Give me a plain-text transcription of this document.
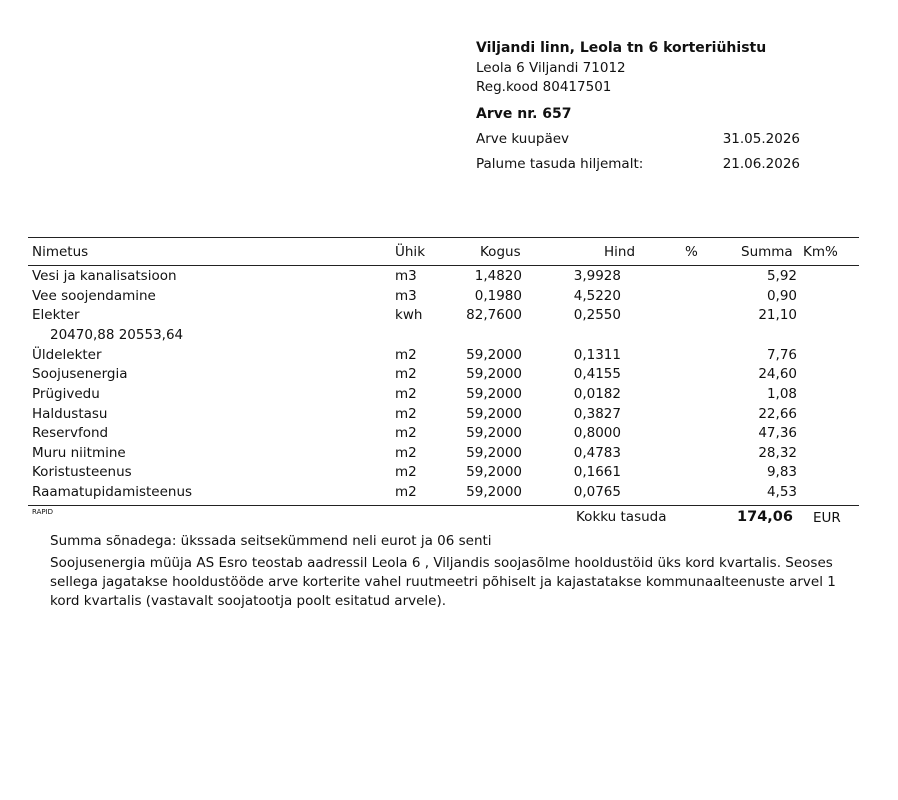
Viljandi linn, Leola tn 6 korteriühistu
Leola 6 Viljandi 71012
Reg.kood 80417501
Arve nr. 657
Arve kuupäev	31.05.2026
Palume tasuda hiljemalt:	21.06.2026
Nimetus	Ühik	Kogus	Hind	%	Summa Km%
Vesi ja kanalisatsioon	m3	1,4820	3,9928	5,92
Vee soojendamine	m3	0,1980	4,5220	0,90
Elekter	kwh	82,7600	0,2550	21,10
20470,88 20553,64
Üldelekter	m2	59,2000	0,1311	7,76
Soojusenergia	m2	59,2000	0,4155	24,60
Prügivedu	m2	59,2000	0,0182	1,08
Haldustasu	m2	59,2000	0,3827	22,66
Reservfond	m2	59,2000	0,8000	47,36
Muru niitmine	m2	59,2000	0,4783	28,32
Koristusteenus	m2	59,2000	0,1661	9,83
Raamatupidamisteenus	m2	59,2000	0,0765	4,53
RAPID	Kokku tasuda	174,06 EUR
Summa sõnadega: ükssada seitsekümmend neli eurot ja 06 senti
Soojusenergia müüja AS Esro teostab aadressil Leola 6 , Viljandis soojasõlme hooldustöid üks kord kvartalis. Seoses sellega jagatakse hooldustööde arve korterite vahel ruutmeetri põhiselt ja kajastatakse kommunaalteenuste arvel 1 kord kvartalis (vastavalt soojatootja poolt esitatud arvele).
